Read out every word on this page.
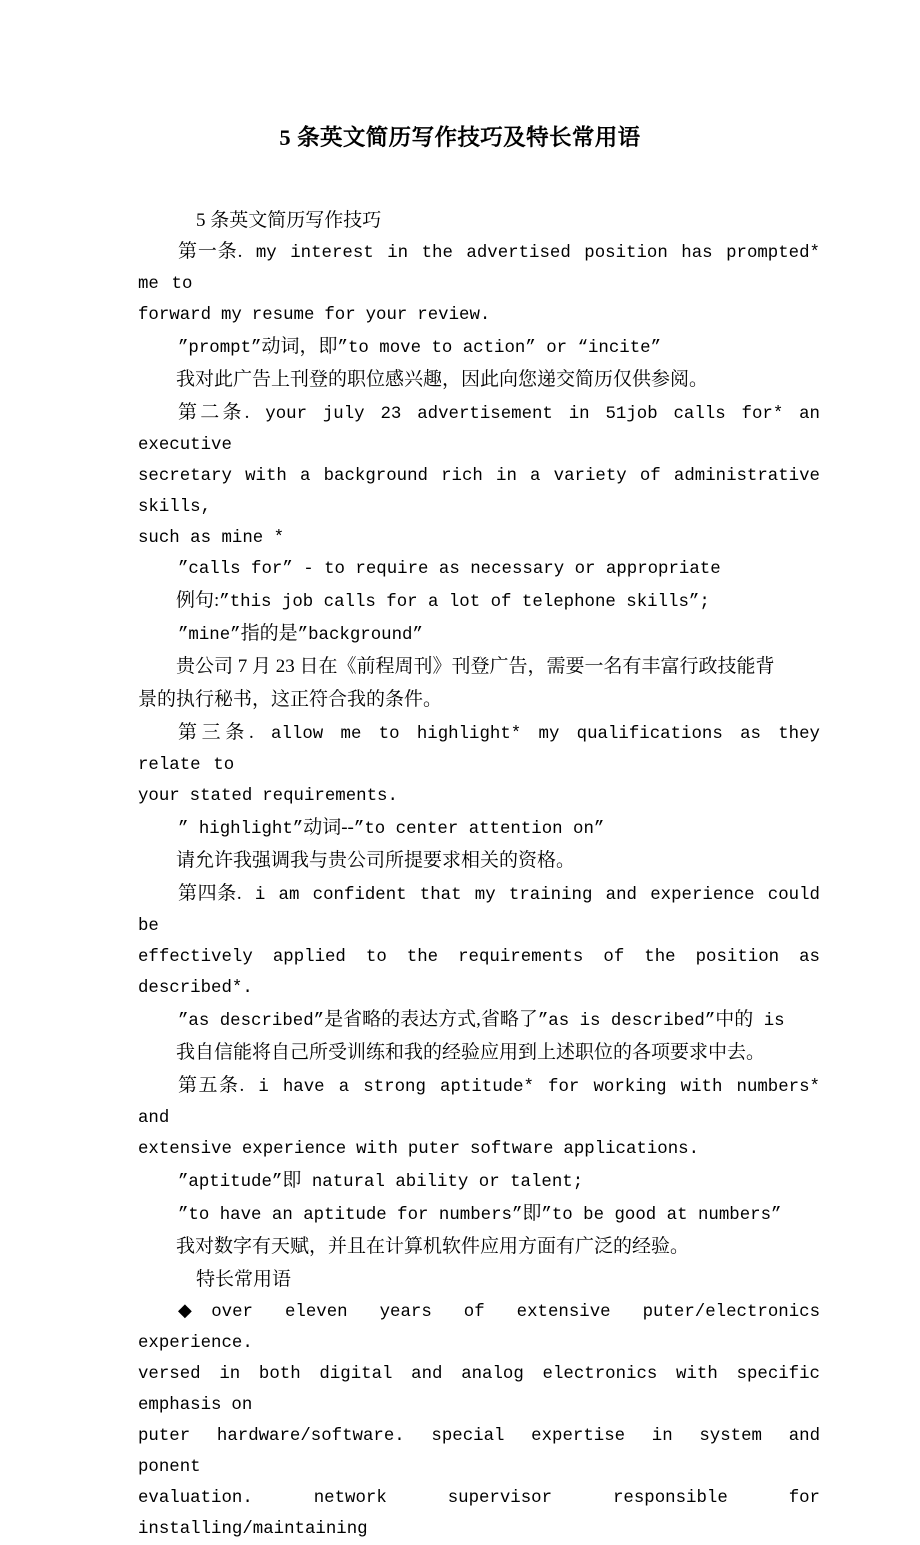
5 条英文简历写作技巧及特长常用语

5 条英文简历写作技巧

第一条. my interest in the advertised position has prompted* me to

forward my resume for your review.

”prompt”动词，即”to move to action” or “incite”

我对此广告上刊登的职位感兴趣，因此向您递交简历仅供参阅。

第二条. your july 23 advertisement in 51job calls for* an executive

secretary with a background rich in a variety of administrative skills,

such as mine *

”calls for” - to require as necessary or appropriate

例句:”this job calls for a lot of telephone skills”;

”mine”指的是”background”

贵公司 7 月 23 日在《前程周刊》刊登广告，需要一名有丰富行政技能背

景的执行秘书，这正符合我的条件。

第三条. allow me to highlight* my qualifications as they relate to

your stated requirements.

” highlight”动词--”to center attention on”

请允许我强调我与贵公司所提要求相关的资格。

第四条. i am confident that my training and experience could be

effectively applied to the requirements of the position as described*.

”as described”是省略的表达方式,省略了”as is described”中的 is

我自信能将自己所受训练和我的经验应用到上述职位的各项要求中去。

第五条. i have a strong aptitude* for working with numbers* and

extensive experience with puter software applications.

”aptitude”即 natural ability or talent;

”to have an aptitude for numbers”即”to be good at numbers”

我对数字有天赋，并且在计算机软件应用方面有广泛的经验。

特长常用语

◆over eleven years of extensive puter/electronics experience.

versed in both digital and analog electronics with specific emphasis on

puter hardware/software. special expertise in system and ponent

evaluation. network supervisor responsible for installing/maintaining
